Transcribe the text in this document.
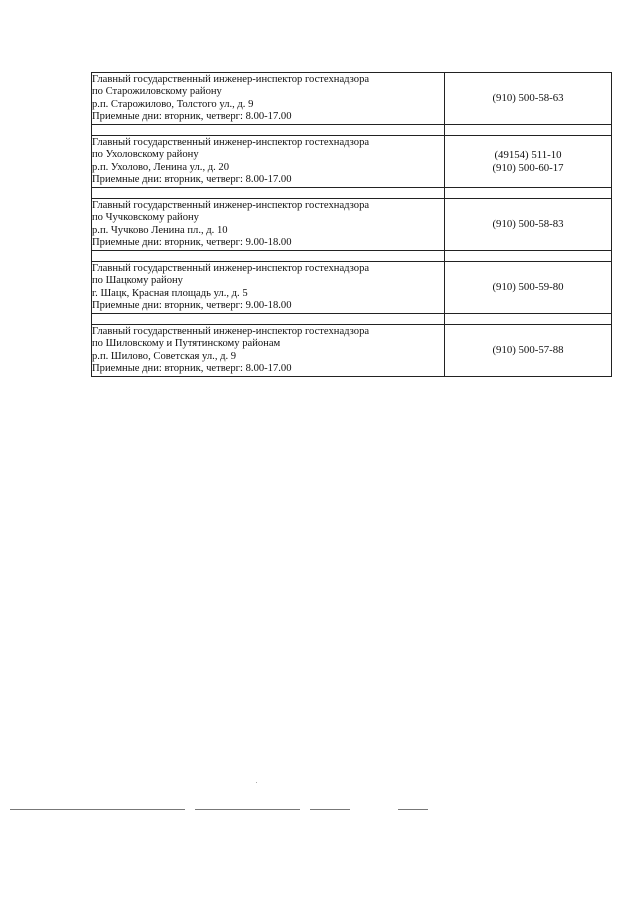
Главный государственный инженер-инспектор гостехнадзора
по Старожиловскому району
р.п. Старожилово, Толстого ул., д. 9
Приемные дни: вторник, четверг: 8.00-17.00	(910) 500-58-63

Главный государственный инженер-инспектор гостехнадзора
по Ухоловскому району
р.п. Ухолово, Ленина ул., д. 20
Приемные дни: вторник, четверг: 8.00-17.00	(49154) 511-10
(910) 500-60-17

Главный государственный инженер-инспектор гостехнадзора
по Чучковскому району
р.п. Чучково Ленина пл., д. 10
Приемные дни: вторник, четверг: 9.00-18.00	(910) 500-58-83

Главный государственный инженер-инспектор гостехнадзора
по Шацкому району
г. Шацк, Красная площадь ул., д. 5
Приемные дни: вторник, четверг: 9.00-18.00	(910) 500-59-80

Главный государственный инженер-инспектор гостехнадзора
по Шиловскому и Путятинскому районам
р.п. Шилово, Советская ул., д. 9
Приемные дни: вторник, четверг: 8.00-17.00	(910) 500-57-88
